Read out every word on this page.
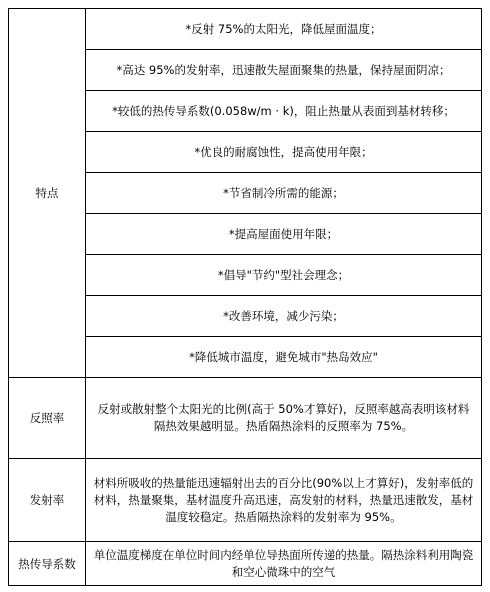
特点	*反射 75%的太阳光，降低屋面温度；
	*高达 95%的发射率，迅速散失屋面聚集的热量，保持屋面阴凉；
	*较低的热传导系数(0.058w/m · k)，阻止热量从表面到基材转移；
	*优良的耐腐蚀性，提高使用年限；
	*节省制冷所需的能源；
	*提高屋面使用年限；
	*倡导"节约"型社会理念；
	*改善环境，减少污染；
	*降低城市温度，避免城市"热岛效应"
反照率	反射或散射整个太阳光的比例(高于 50%才算好)，反照率越高表明该材料隔热效果越明显。热盾隔热涂料的反照率为 75%。
发射率	材料所吸收的热量能迅速辐射出去的百分比(90%以上才算好)，发射率低的材料，热量聚集，基材温度升高迅速，高发射的材料，热量迅速散发，基材温度较稳定。热盾隔热涂料的发射率为 95%。
热传导系数	单位温度梯度在单位时间内经单位导热面所传递的热量。隔热涂料利用陶瓷和空心微珠中的空气
